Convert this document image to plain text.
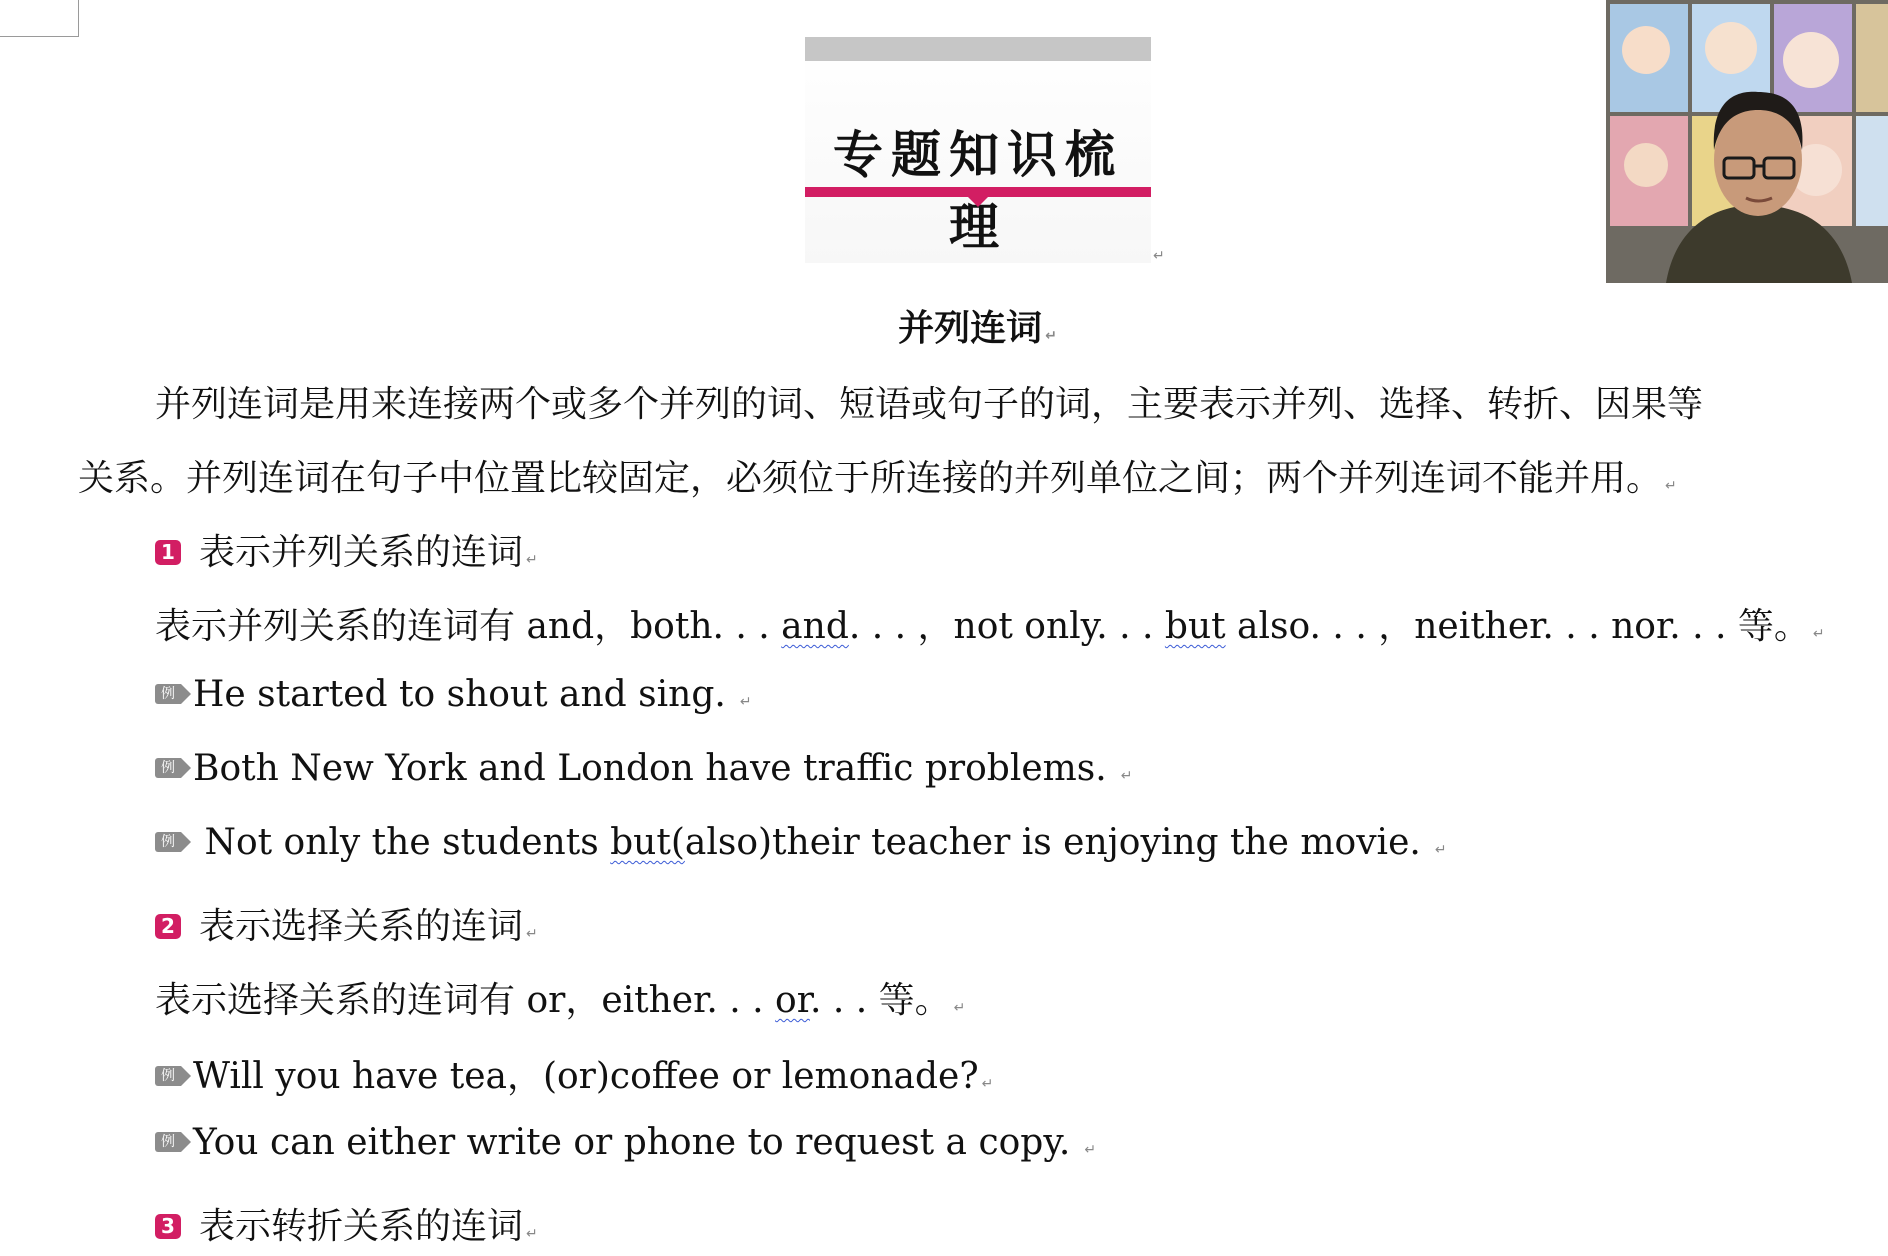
专题知识梳理	↵
并列连词 ↵
并列连词是用来连接两个或多个并列的词、短语或句子的词，主要表示并列、选择、转折、因果等
关系。并列连词在句子中位置比较固定，必须位于所连接的并列单位之间；两个并列连词不能并用。 ↵
1 表示并列关系的连词 ↵
表示并列关系的连词有 and，both. . . and. . . ，not only. . . but also. . . ，neither. . . nor. . . 等。 ↵
例 He started to shout and sing. ↵
例 Both New York and London have traffic problems. ↵
例 Not only the students but(also)their teacher is enjoying the movie. ↵
2 表示选择关系的连词 ↵
表示选择关系的连词有 or，either. . . or. . . 等。 ↵
例 Will you have tea，(or)coffee or lemonade? ↵
例 You can either write or phone to request a copy. ↵
3 表示转折关系的连词 ↵
